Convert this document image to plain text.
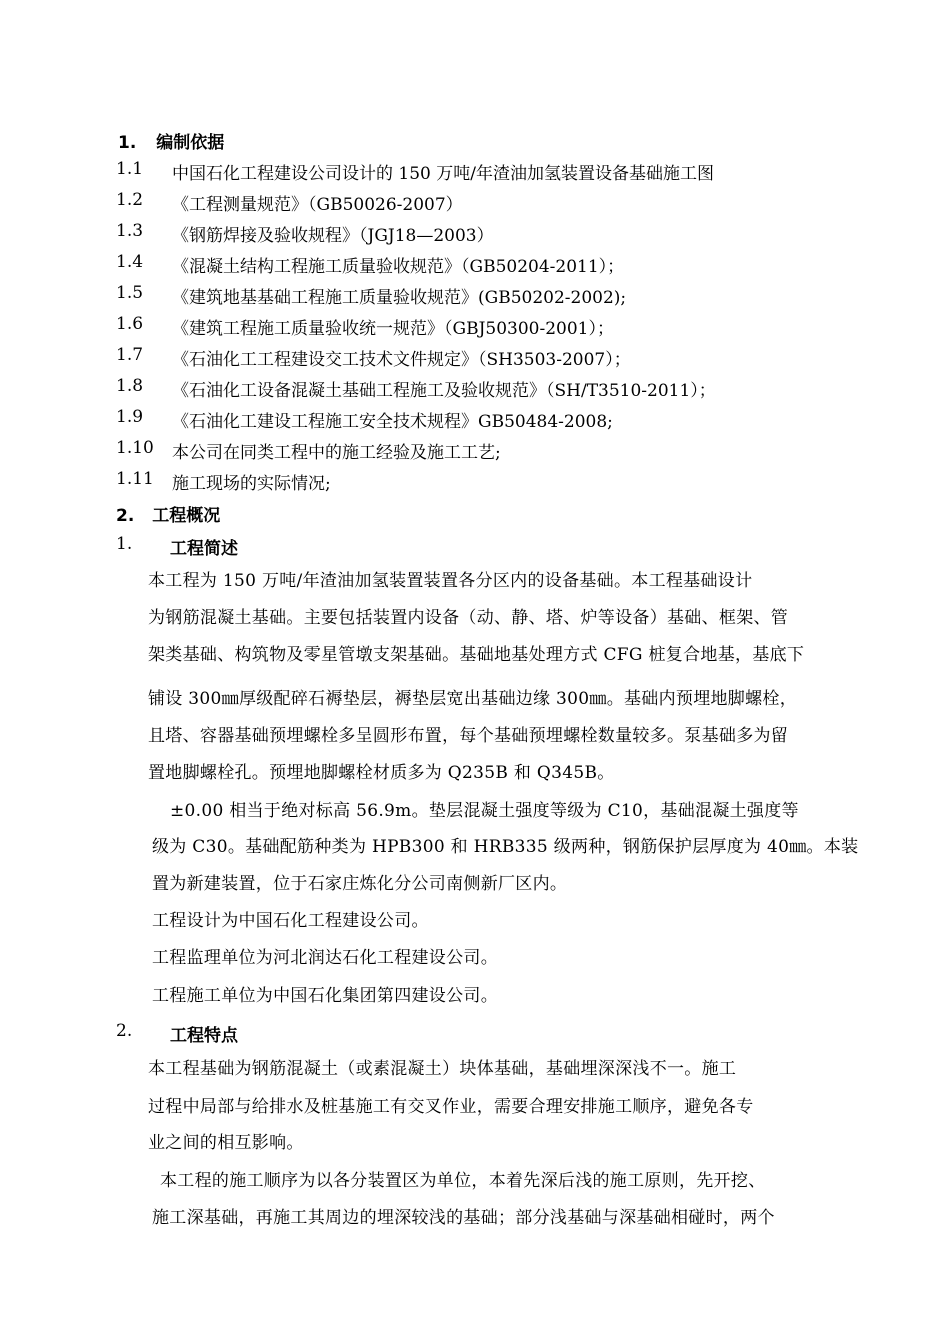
1. 编制依据
1.1 中国石化工程建设公司设计的 150 万吨/年渣油加氢装置设备基础施工图
1.2 《工程测量规范》（GB50026-2007）
1.3 《钢筋焊接及验收规程》（JGJ18—2003）
1.4 《混凝土结构工程施工质量验收规范》（GB50204-2011）；
1.5 《建筑地基基础工程施工质量验收规范》(GB50202-2002);
1.6 《建筑工程施工质量验收统一规范》（GBJ50300-2001）；
1.7 《石油化工工程建设交工技术文件规定》（SH3503-2007）；
1.8 《石油化工设备混凝土基础工程施工及验收规范》（SH/T3510-2011）；
1.9 《石油化工建设工程施工安全技术规程》GB50484-2008;
1.10 本公司在同类工程中的施工经验及施工工艺;
1.11 施工现场的实际情况;
2. 工程概况
1. 工程简述
本工程为 150 万吨/年渣油加氢装置装置各分区内的设备基础。本工程基础设计
为钢筋混凝土基础。主要包括装置内设备（动、静、塔、炉等设备）基础、框架、管
架类基础、构筑物及零星管墩支架基础。基础地基处理方式 CFG 桩复合地基，基底下
铺设 300㎜厚级配碎石褥垫层，褥垫层宽出基础边缘 300㎜。基础内预埋地脚螺栓，
且塔、容器基础预埋螺栓多呈圆形布置，每个基础预埋螺栓数量较多。泵基础多为留
置地脚螺栓孔。预埋地脚螺栓材质多为 Q235B 和 Q345B。
±0.00 相当于绝对标高 56.9m。垫层混凝土强度等级为 C10，基础混凝土强度等
级为 C30。基础配筋种类为 HPB300 和 HRB335 级两种，钢筋保护层厚度为 40㎜。本装
置为新建装置，位于石家庄炼化分公司南侧新厂区内。
工程设计为中国石化工程建设公司。
工程监理单位为河北润达石化工程建设公司。
工程施工单位为中国石化集团第四建设公司。
2. 工程特点
本工程基础为钢筋混凝土（或素混凝土）块体基础，基础埋深深浅不一。施工
过程中局部与给排水及桩基施工有交叉作业，需要合理安排施工顺序，避免各专
业之间的相互影响。
本工程的施工顺序为以各分装置区为单位，本着先深后浅的施工原则，先开挖、
施工深基础，再施工其周边的埋深较浅的基础；部分浅基础与深基础相碰时，两个
